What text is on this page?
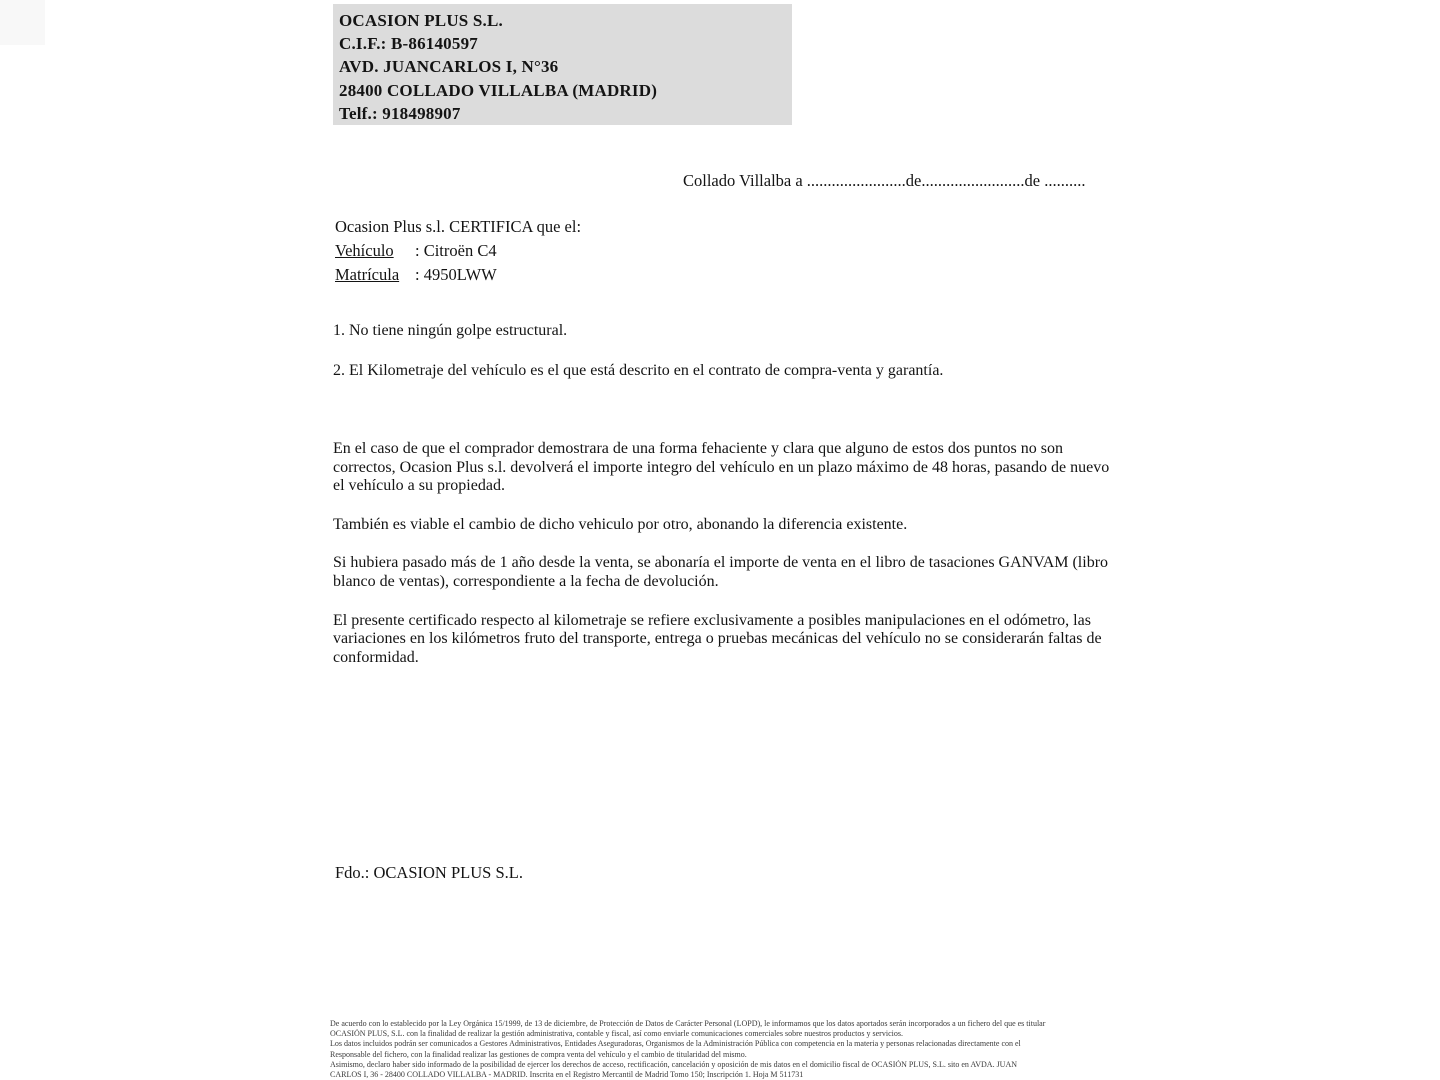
OCASION PLUS S.L.
C.I.F.: B-86140597
AVD. JUANCARLOS I, N°36
28400 COLLADO VILLALBA (MADRID)
Telf.: 918498907
Collado Villalba a ........................de.........................de ..........
Ocasion Plus s.l. CERTIFICA que el:
Vehículo : Citroën C4
Matrícula : 4950LWW
1. No tiene ningún golpe estructural.
2. El Kilometraje del vehículo es el que está descrito en el contrato de compra-venta y garantía.

En el caso de que el comprador demostrara de una forma fehaciente y clara que alguno de estos dos puntos no son correctos, Ocasion Plus s.l. devolverá el importe integro del vehículo en un plazo máximo de 48 horas, pasando de nuevo el vehículo a su propiedad.

También es viable el cambio de dicho vehiculo por otro, abonando la diferencia existente.

Si hubiera pasado más de 1 año desde la venta, se abonaría el importe de venta en el libro de tasaciones GANVAM (libro blanco de ventas), correspondiente a la fecha de devolución.

El presente certificado respecto al kilometraje se refiere exclusivamente a posibles manipulaciones en el odómetro, las variaciones en los kilómetros fruto del transporte, entrega o pruebas mecánicas del vehículo no se considerarán faltas de conformidad.

Fdo.: OCASION PLUS S.L.
De acuerdo con lo establecido por la Ley Orgánica 15/1999, de 13 de diciembre, de Protección de Datos de Carácter Personal (LOPD), le informamos que los datos aportados serán incorporados a un fichero del que es titular
OCASIÓN PLUS, S.L. con la finalidad de realizar la gestión administrativa, contable y fiscal, así como enviarle comunicaciones comerciales sobre nuestros productos y servicios.
Los datos incluidos podrán ser comunicados a Gestores Administrativos, Entidades Aseguradoras, Organismos de la Administración Pública con competencia en la materia y personas relacionadas directamente con el
Responsable del fichero, con la finalidad realizar las gestiones de compra venta del vehículo y el cambio de titularidad del mismo.
Asimismo, declaro haber sido informado de la posibilidad de ejercer los derechos de acceso, rectificación, cancelación y oposición de mis datos en el domicilio fiscal de OCASIÓN PLUS, S.L. sito en AVDA. JUAN
CARLOS I, 36 - 28400 COLLADO VILLALBA - MADRID. Inscrita en el Registro Mercantil de Madrid Tomo 150; Inscripción 1. Hoja M 511731
